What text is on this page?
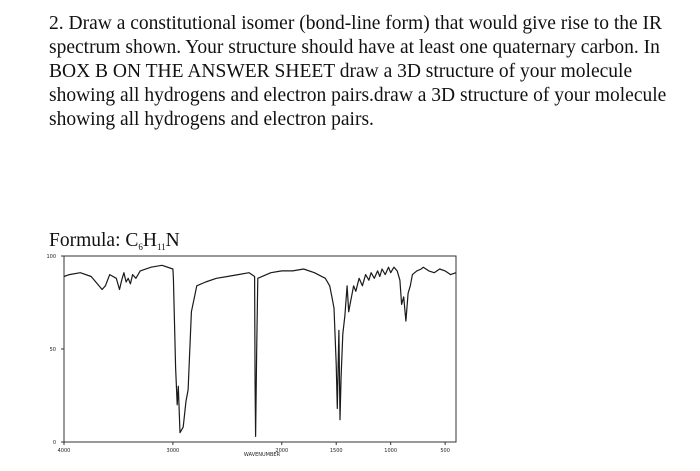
2. Draw a constitutional isomer (bond-line form) that would give rise to the IR spectrum shown. Your structure should have at least one quaternary carbon. In BOX B ON THE ANSWER SHEET draw a 3D structure of your molecule showing all hydrogens and electron pairs.draw a 3D structure of your molecule showing all hydrogens and electron pairs.

Formula: $C_6H_{11}N$
100
50
0
4000	3000	2000	1500	1000	500
WAVENUMBER
